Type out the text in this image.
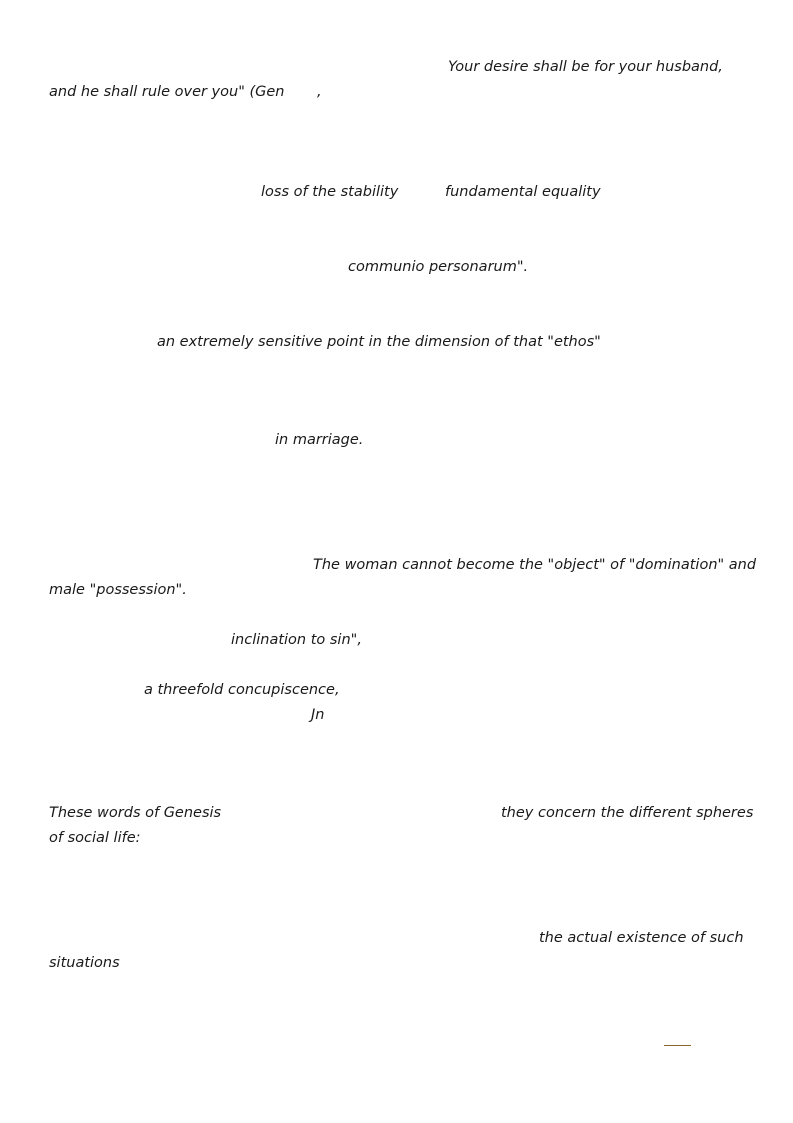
Your desire shall be for your husband,
and he shall rule over you" (Gen ,
loss of the stability	fundamental equality
communio personarum".
an extremely sensitive point in the dimension of that "ethos"
in marriage.
The woman cannot become the "object" of "domination" and
male "possession".
inclination to sin",
a threefold concupiscence,
Jn
These words of Genesis	they concern the different spheres
of social life:
the actual existence of such
situations
